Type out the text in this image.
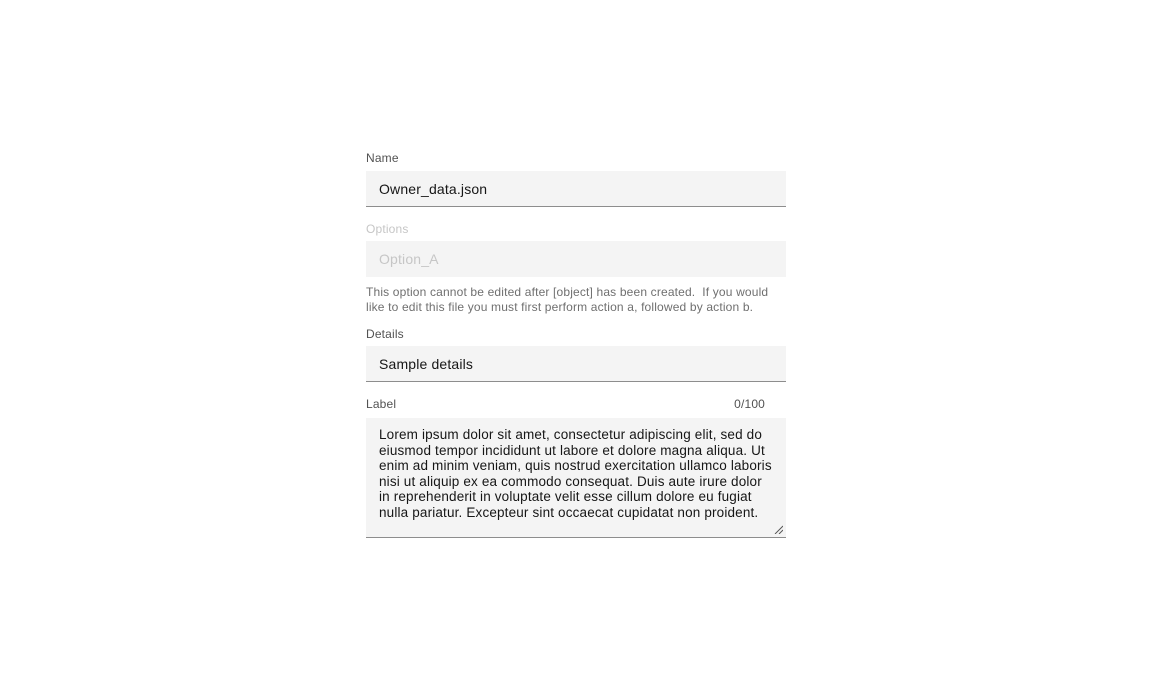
Name
Owner_data.json
Options
Option_A
This option cannot be edited after [object] has been created.  If you would like to edit this file you must first perform action a, followed by action b.
Details
Sample details
Label	0/100
Lorem ipsum dolor sit amet, consectetur adipiscing elit, sed do eiusmod tempor incididunt ut labore et dolore magna aliqua. Ut enim ad minim veniam, quis nostrud exercitation ullamco laboris nisi ut aliquip ex ea commodo consequat. Duis aute irure dolor in reprehenderit in voluptate velit esse cillum dolore eu fugiat nulla pariatur. Excepteur sint occaecat cupidatat non proident.
